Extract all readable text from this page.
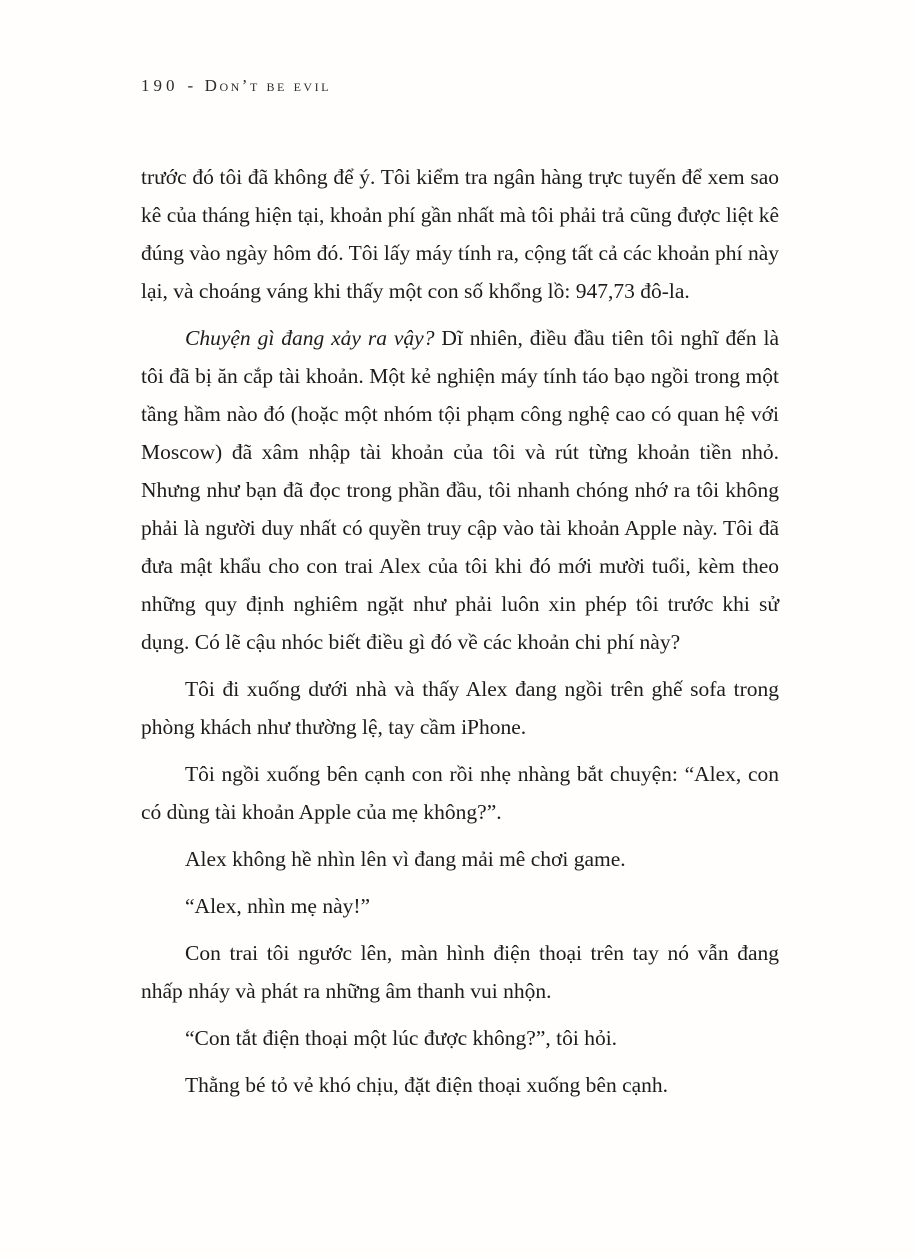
190 - Don’t be evil

trước đó tôi đã không để ý. Tôi kiểm tra ngân hàng trực tuyến để xem sao kê của tháng hiện tại, khoản phí gần nhất mà tôi phải trả cũng được liệt kê đúng vào ngày hôm đó. Tôi lấy máy tính ra, cộng tất cả các khoản phí này lại, và choáng váng khi thấy một con số khổng lồ: 947,73 đô-la.

Chuyện gì đang xảy ra vậy? Dĩ nhiên, điều đầu tiên tôi nghĩ đến là tôi đã bị ăn cắp tài khoản. Một kẻ nghiện máy tính táo bạo ngồi trong một tầng hầm nào đó (hoặc một nhóm tội phạm công nghệ cao có quan hệ với Moscow) đã xâm nhập tài khoản của tôi và rút từng khoản tiền nhỏ. Nhưng như bạn đã đọc trong phần đầu, tôi nhanh chóng nhớ ra tôi không phải là người duy nhất có quyền truy cập vào tài khoản Apple này. Tôi đã đưa mật khẩu cho con trai Alex của tôi khi đó mới mười tuổi, kèm theo những quy định nghiêm ngặt như phải luôn xin phép tôi trước khi sử dụng. Có lẽ cậu nhóc biết điều gì đó về các khoản chi phí này?

Tôi đi xuống dưới nhà và thấy Alex đang ngồi trên ghế sofa trong phòng khách như thường lệ, tay cầm iPhone.

Tôi ngồi xuống bên cạnh con rồi nhẹ nhàng bắt chuyện: “Alex, con có dùng tài khoản Apple của mẹ không?”.

Alex không hề nhìn lên vì đang mải mê chơi game.

“Alex, nhìn mẹ này!”

Con trai tôi ngước lên, màn hình điện thoại trên tay nó vẫn đang nhấp nháy và phát ra những âm thanh vui nhộn.

“Con tắt điện thoại một lúc được không?”, tôi hỏi.

Thằng bé tỏ vẻ khó chịu, đặt điện thoại xuống bên cạnh.
